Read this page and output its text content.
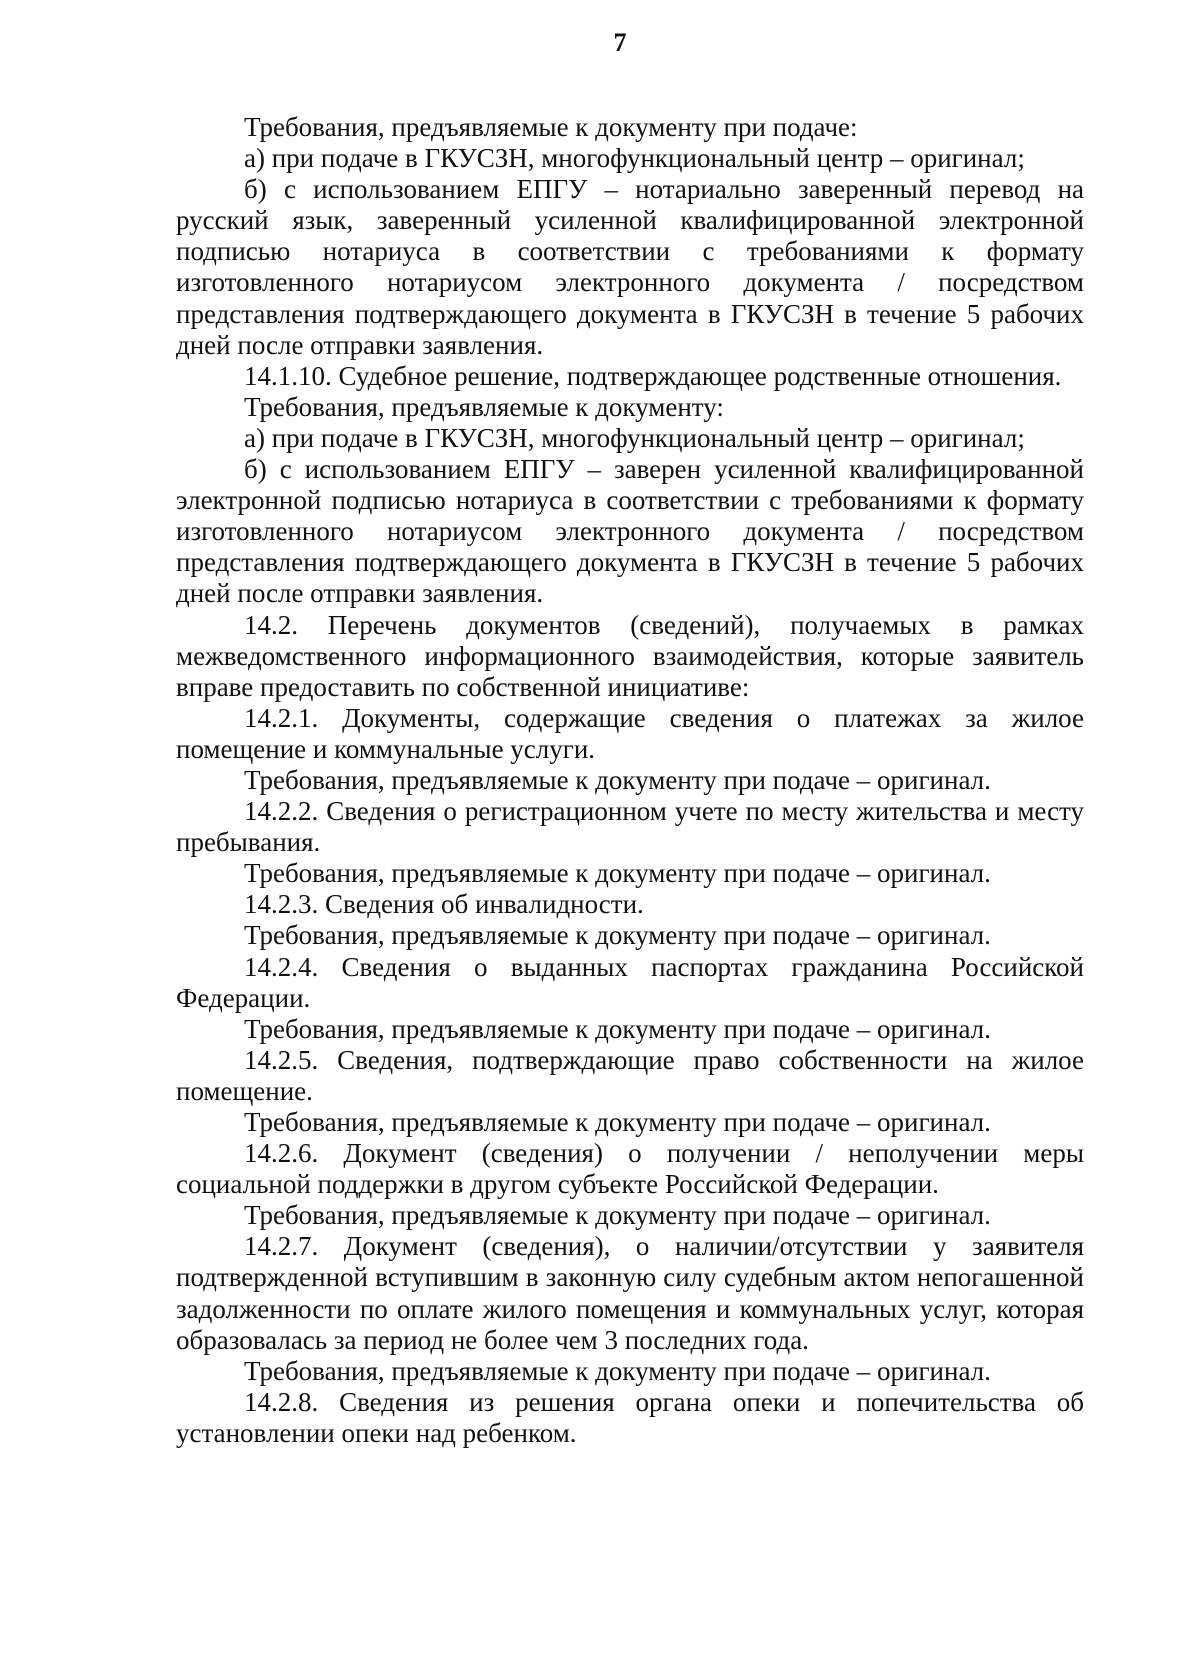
7

Требования, предъявляемые к документу при подаче:

а) при подаче в ГКУСЗН, многофункциональный центр – оригинал;

б) с использованием ЕПГУ – нотариально заверенный перевод на русский язык, заверенный усиленной квалифицированной электронной подписью нотариуса в соответствии с требованиями к формату изготовленного нотариусом электронного документа / посредством представления подтверждающего документа в ГКУСЗН в течение 5 рабочих дней после отправки заявления.

14.1.10. Судебное решение, подтверждающее родственные отношения.

Требования, предъявляемые к документу:

а) при подаче в ГКУСЗН, многофункциональный центр – оригинал;

б) с использованием ЕПГУ – заверен усиленной квалифицированной электронной подписью нотариуса в соответствии с требованиями к формату изготовленного нотариусом электронного документа / посредством представления подтверждающего документа в ГКУСЗН в течение 5 рабочих дней после отправки заявления.

14.2. Перечень документов (сведений), получаемых в рамках межведомственного информационного взаимодействия, которые заявитель вправе предоставить по собственной инициативе:

14.2.1. Документы, содержащие сведения о платежах за жилое помещение и коммунальные услуги.

Требования, предъявляемые к документу при подаче – оригинал.

14.2.2. Сведения о регистрационном учете по месту жительства и месту пребывания.

Требования, предъявляемые к документу при подаче – оригинал.

14.2.3. Сведения об инвалидности.

Требования, предъявляемые к документу при подаче – оригинал.

14.2.4. Сведения о выданных паспортах гражданина Российской Федерации.

Требования, предъявляемые к документу при подаче – оригинал.

14.2.5. Сведения, подтверждающие право собственности на жилое помещение.

Требования, предъявляемые к документу при подаче – оригинал.

14.2.6. Документ (сведения) о получении / неполучении меры социальной поддержки в другом субъекте Российской Федерации.

Требования, предъявляемые к документу при подаче – оригинал.

14.2.7. Документ (сведения), о наличии/отсутствии у заявителя подтвержденной вступившим в законную силу судебным актом непогашенной задолженности по оплате жилого помещения и коммунальных услуг, которая образовалась за период не более чем 3 последних года.

Требования, предъявляемые к документу при подаче – оригинал.

14.2.8. Сведения из решения органа опеки и попечительства об установлении опеки над ребенком.
